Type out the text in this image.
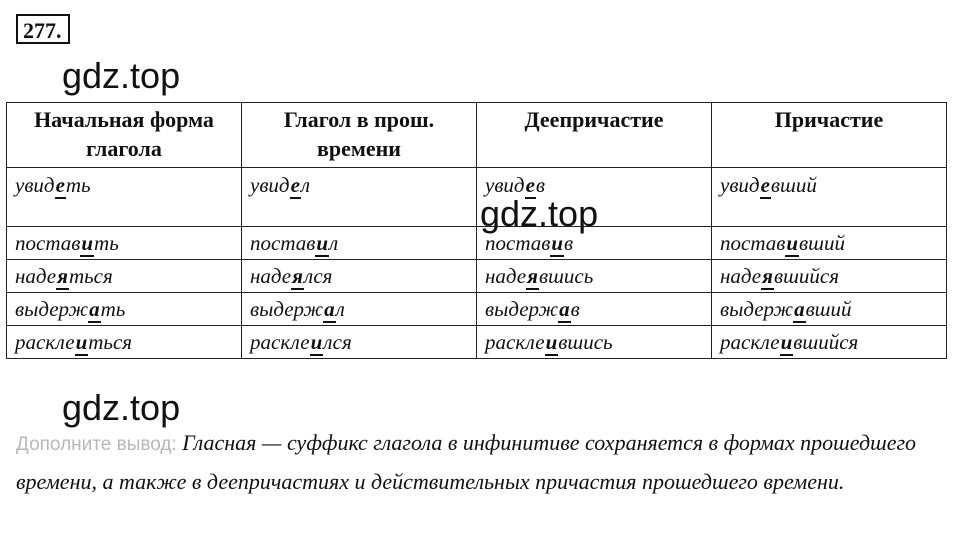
277.
gdz.top
Начальная форма глагола	Глагол в прош. времени	Деепричастие	Причастие
увидеть	увидел	увидев	увидевший
поставить	поставил	поставив	поставивший
надеяться	надеялся	надеявшись	надеявшийся
выдержать	выдержал	выдержав	выдержавший
расклеиться	расклеился	расклеившись	расклеившийся
gdz.top
gdz.top
Дополните вывод: Гласная — суффикс глагола в инфинитиве сохраняется в формах прошедшего времени, а также в деепричастиях и действительных причастия прошедшего времени.
